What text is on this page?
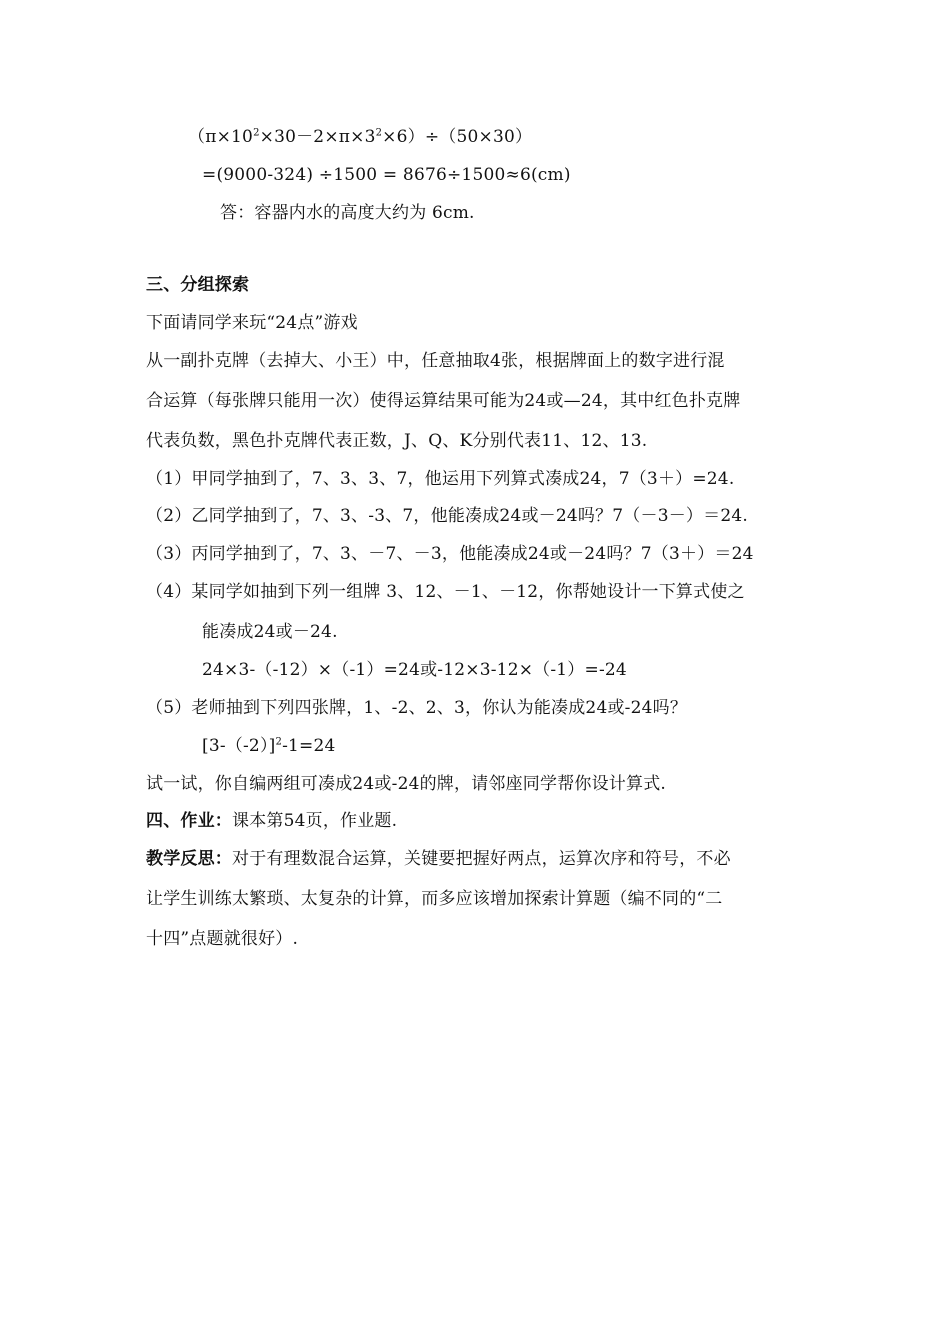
$(\pi\times 10^2\times 30-2\times\pi\times 3^2\times 6)\div(50\times 30)$
=(9000-324) ÷1500 = 8676÷1500≈6(cm)
答：容器内水的高度大约为 6cm.
三、分组探索
下面请同学来玩“24点”游戏
从一副扑克牌（去掉大、小王）中，任意抽取4张，根据牌面上的数字进行混
合运算（每张牌只能用一次）使得运算结果可能为24或—24，其中红色扑克牌
代表负数，黑色扑克牌代表正数，J、Q、K分别代表11、12、13.
（1）甲同学抽到了，7、3、3、7，他运用下列算式凑成24，7（3＋）=24.
（2）乙同学抽到了，7、3、-3、7，他能凑成24或－24吗？7（－3－）＝24.
（3）丙同学抽到了，7、3、－7、－3，他能凑成24或－24吗？7（3＋）＝24
（4）某同学如抽到下列一组牌 3、12、－1、－12，你帮她设计一下算式使之
能凑成24或－24.
24×3-（-12）×（-1）=24或-12×3-12×（-1）=-24
（5）老师抽到下列四张牌，1、-2、2、3，你认为能凑成24或-24吗？
$[3-(-2)]^2-1=24$
试一试，你自编两组可凑成24或-24的牌，请邻座同学帮你设计算式.
四、作业：课本第54页，作业题.
教学反思：对于有理数混合运算，关键要把握好两点，运算次序和符号，不必
让学生训练太繁琐、太复杂的计算，而多应该增加探索计算题（编不同的“二
十四”点题就很好）.
